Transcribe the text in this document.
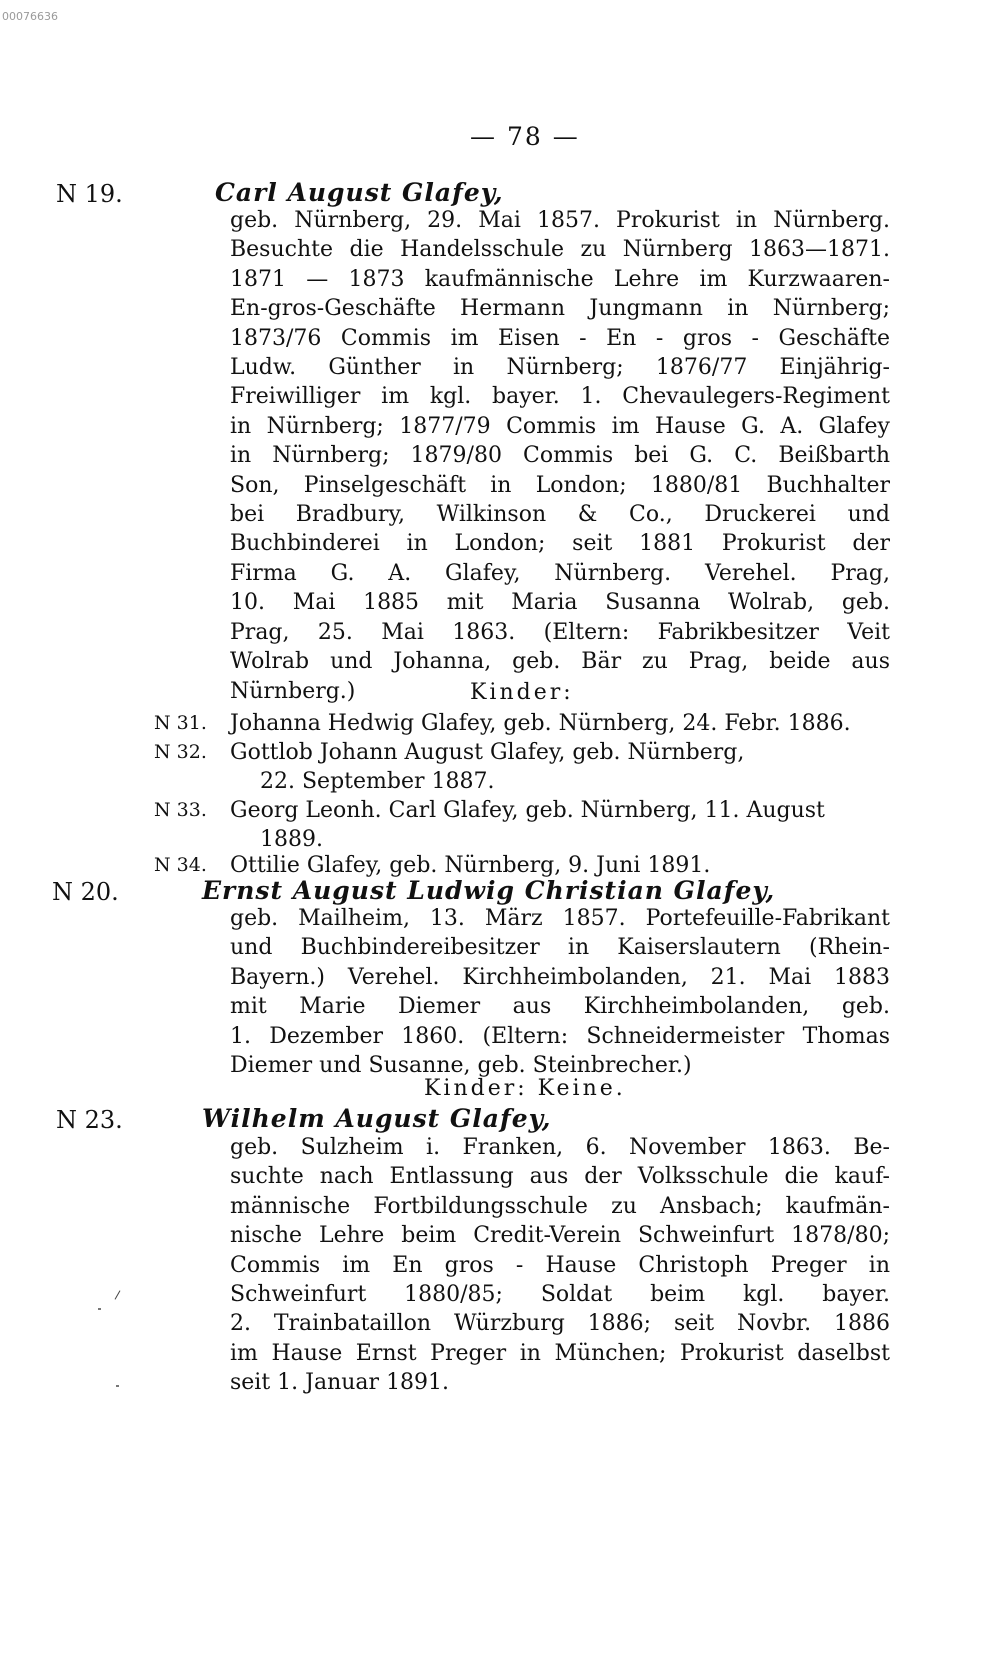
00076636
— 78 —
N 19.	Carl August Glafey,
geb. Nürnberg, 29. Mai 1857. Prokurist in Nürnberg.
Besuchte die Handelsschule zu Nürnberg 1863—1871.
1871 — 1873 kaufmännische Lehre im Kurzwaaren-
En-gros-Geschäfte Hermann Jungmann in Nürnberg;
1873/76 Commis im Eisen - En - gros - Geschäfte
Ludw. Günther in Nürnberg; 1876/77 Einjährig-
Freiwilliger im kgl. bayer. 1. Chevaulegers-Regiment
in Nürnberg; 1877/79 Commis im Hause G. A. Glafey
in Nürnberg; 1879/80 Commis bei G. C. Beißbarth
Son, Pinselgeschäft in London; 1880/81 Buchhalter
bei Bradbury, Wilkinson & Co., Druckerei und
Buchbinderei in London; seit 1881 Prokurist der
Firma G. A. Glafey, Nürnberg. Verehel. Prag,
10. Mai 1885 mit Maria Susanna Wolrab, geb.
Prag, 25. Mai 1863. (Eltern: Fabrikbesitzer Veit
Wolrab und Johanna, geb. Bär zu Prag, beide aus
Nürnberg.)	Kinder:
N 31. Johanna Hedwig Glafey, geb. Nürnberg, 24. Febr. 1886.
N 32. Gottlob Johann August Glafey, geb. Nürnberg,
22. September 1887.
N 33. Georg Leonh. Carl Glafey, geb. Nürnberg, 11. August
1889.
N 34. Ottilie Glafey, geb. Nürnberg, 9. Juni 1891.
N 20.	Ernst August Ludwig Christian Glafey,
geb. Mailheim, 13. März 1857. Portefeuille-Fabrikant
und Buchbindereibesitzer in Kaiserslautern (Rhein-
Bayern.) Verehel. Kirchheimbolanden, 21. Mai 1883
mit Marie Diemer aus Kirchheimbolanden, geb.
1. Dezember 1860. (Eltern: Schneidermeister Thomas
Diemer und Susanne, geb. Steinbrecher.)
Kinder: Keine.
N 23.	Wilhelm August Glafey,
geb. Sulzheim i. Franken, 6. November 1863. Be-
suchte nach Entlassung aus der Volksschule die kauf-
männische Fortbildungsschule zu Ansbach; kaufmän-
nische Lehre beim Credit-Verein Schweinfurt 1878/80;
Commis im En gros - Hause Christoph Preger in
Schweinfurt 1880/85; Soldat beim kgl. bayer.
2. Trainbataillon Würzburg 1886; seit Novbr. 1886
im Hause Ernst Preger in München; Prokurist daselbst
seit 1. Januar 1891.
